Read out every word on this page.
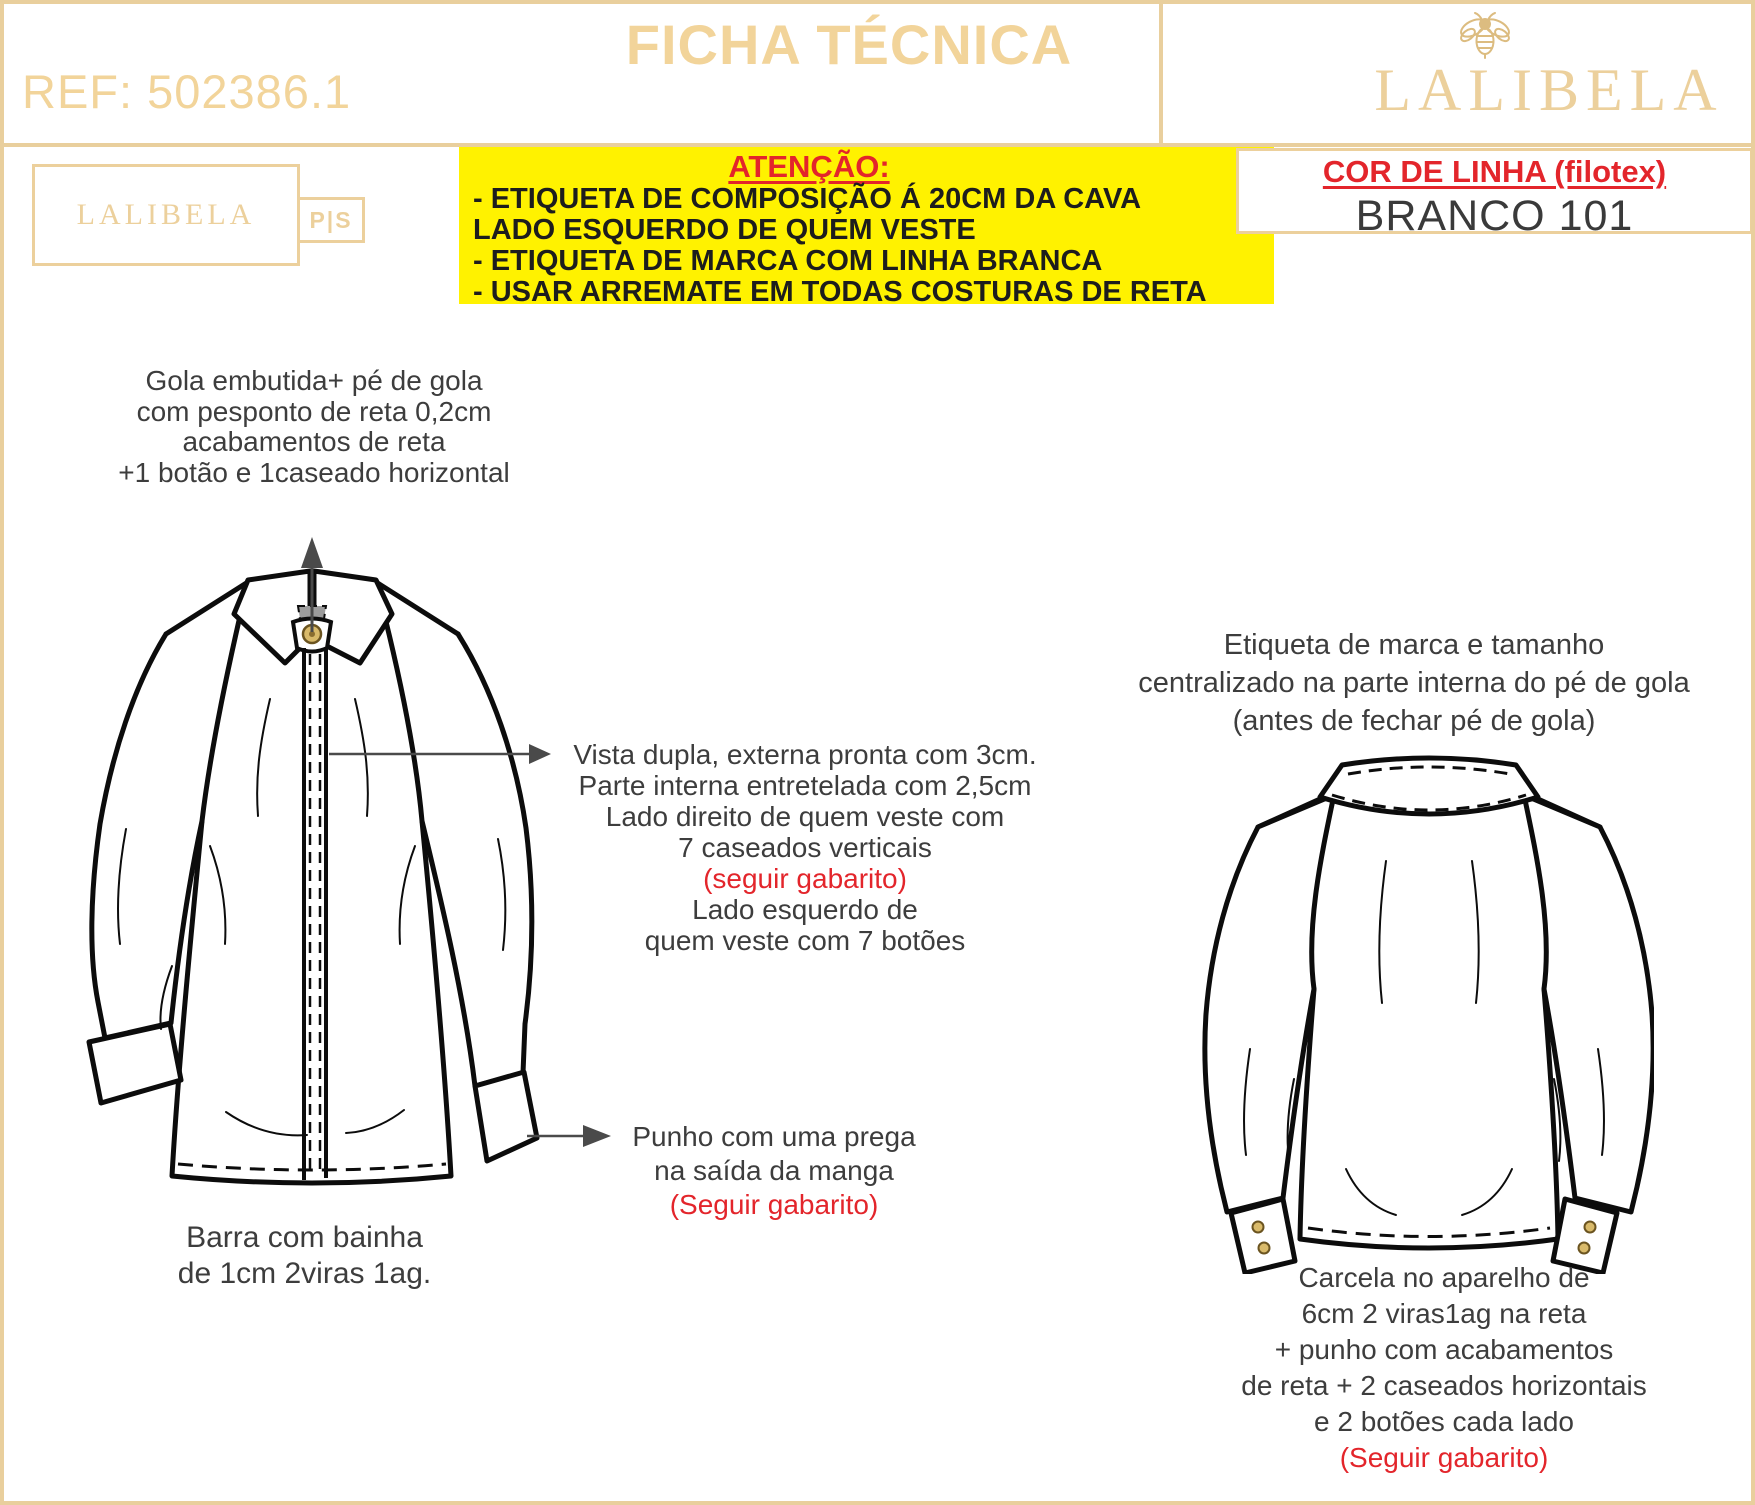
REF: 502386.1
FICHA TÉCNICA
LALIBELA
LALIBELA	P|S
ATENÇÃO:
- ETIQUETA DE COMPOSIÇÃO Á 20CM DA CAVA
LADO ESQUERDO DE QUEM VESTE
- ETIQUETA DE MARCA COM LINHA BRANCA
- USAR ARREMATE EM TODAS COSTURAS DE RETA
COR DE LINHA (filotex)
BRANCO 101
Gola embutida+ pé de gola
com pesponto de reta 0,2cm
acabamentos de reta
+1 botão e 1caseado horizontal
Vista dupla, externa pronta com 3cm.
Parte interna entretelada com 2,5cm
Lado direito de quem veste com
7 caseados verticais
(seguir gabarito)
Lado esquerdo de
quem veste com 7 botões
Punho com uma prega
na saída da manga
(Seguir gabarito)
Barra com bainha
de 1cm 2viras 1ag.
Etiqueta de marca e tamanho
centralizado na parte interna do pé de gola
(antes de fechar pé de gola)
Carcela no aparelho de
6cm 2 viras1ag na reta
+ punho com acabamentos
de reta + 2 caseados horizontais
e 2 botões cada lado
(Seguir gabarito)
